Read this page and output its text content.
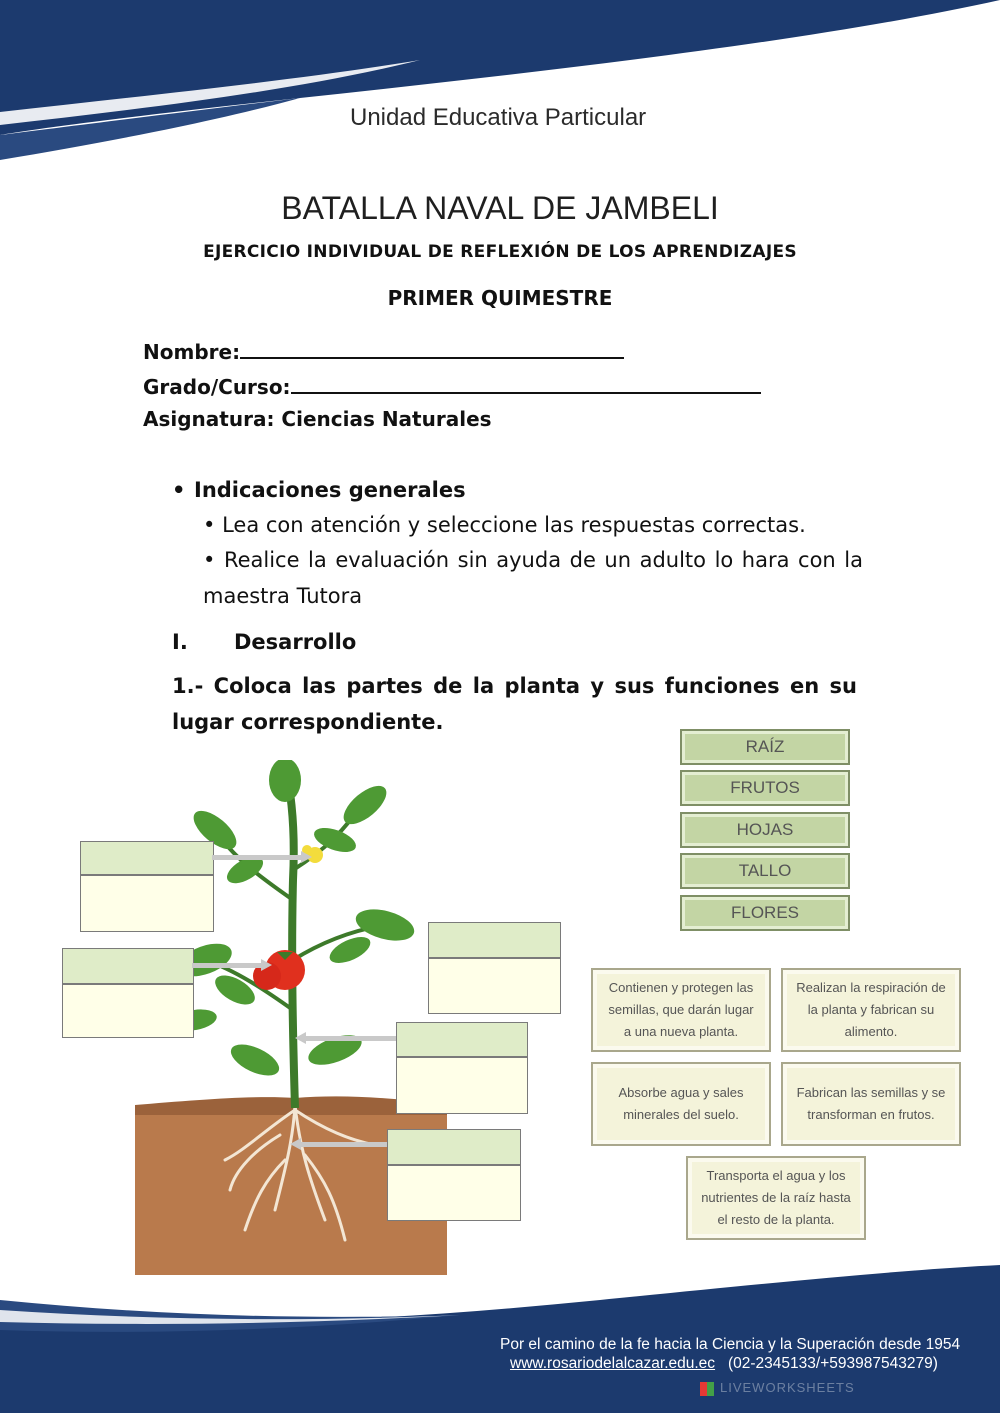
Unidad Educativa Particular
BATALLA NAVAL DE JAMBELI
EJERCICIO INDIVIDUAL DE REFLEXIÓN DE LOS APRENDIZAJES
PRIMER QUIMESTRE
Nombre:
Grado/Curso:
Asignatura: Ciencias Naturales
• Indicaciones generales
• Lea con atención y seleccione las respuestas correctas.
• Realice la evaluación sin ayuda de un adulto lo hara con la maestra Tutora
I. Desarrollo
1.- Coloca las partes de la planta y sus funciones en su lugar correspondiente.
RAÍZ
FRUTOS
HOJAS
TALLO
FLORES
Contienen y protegen las semillas, que darán lugar a una nueva planta.
Realizan la respiración de la planta y fabrican su alimento.
Absorbe agua y sales minerales del suelo.
Fabrican las semillas y se transforman en frutos.
Transporta el agua y los nutrientes de la raíz hasta el resto de la planta.
Por el camino de la fe hacia la Ciencia y la Superación desde 1954
www.rosariodelalcazar.edu.ec (02-2345133/+593987543279)
LIVEWORKSHEETS
